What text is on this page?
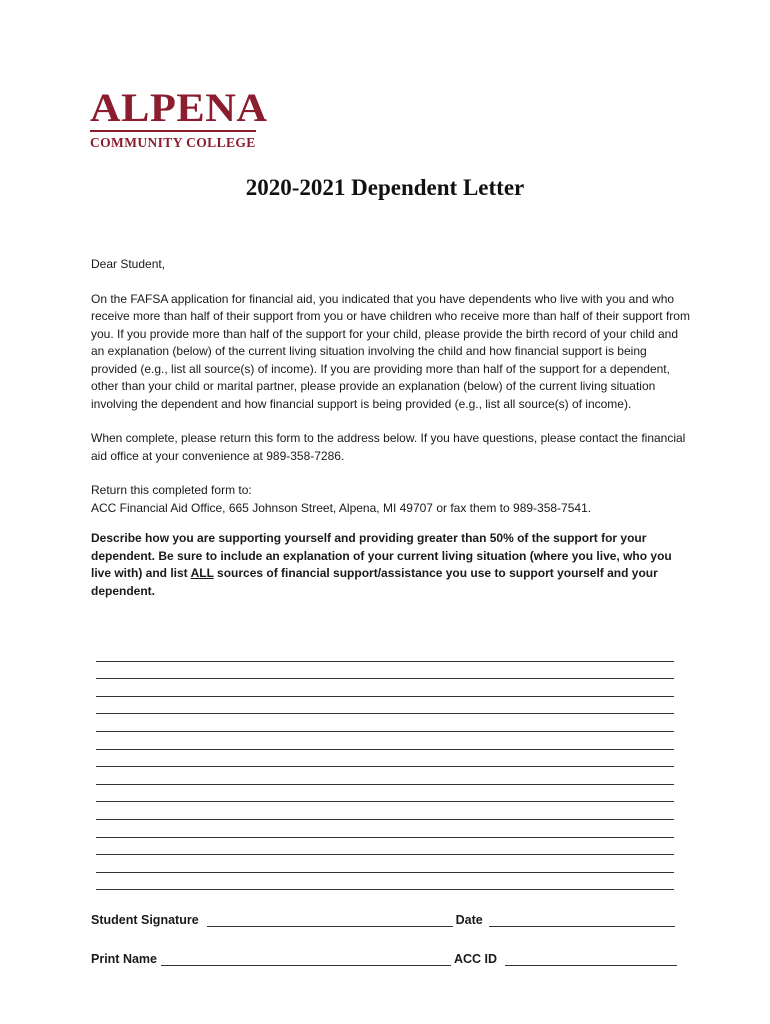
ALPENA
COMMUNITY COLLEGE
2020-2021 Dependent Letter

Dear Student,

On the FAFSA application for financial aid, you indicated that you have dependents who live with you and who receive more than half of their support from you or have children who receive more than half of their support from you. If you provide more than half of the support for your child, please provide the birth record of your child and an explanation (below) of the current living situation involving the child and how financial support is being provided (e.g., list all source(s) of income). If you are providing more than half of the support for a dependent, other than your child or marital partner, please provide an explanation (below) of the current living situation involving the dependent and how financial support is being provided (e.g., list all source(s) of income).

When complete, please return this form to the address below. If you have questions, please contact the financial aid office at your convenience at 989-358-7286.

Return this completed form to:
ACC Financial Aid Office, 665 Johnson Street, Alpena, MI 49707 or fax them to 989-358-7541.

Describe how you are supporting yourself and providing greater than 50% of the support for your dependent. Be sure to include an explanation of your current living situation (where you live, who you live with) and list ALL sources of financial support/assistance you use to support yourself and your dependent.

Student Signature	Date
Print Name	ACC ID
